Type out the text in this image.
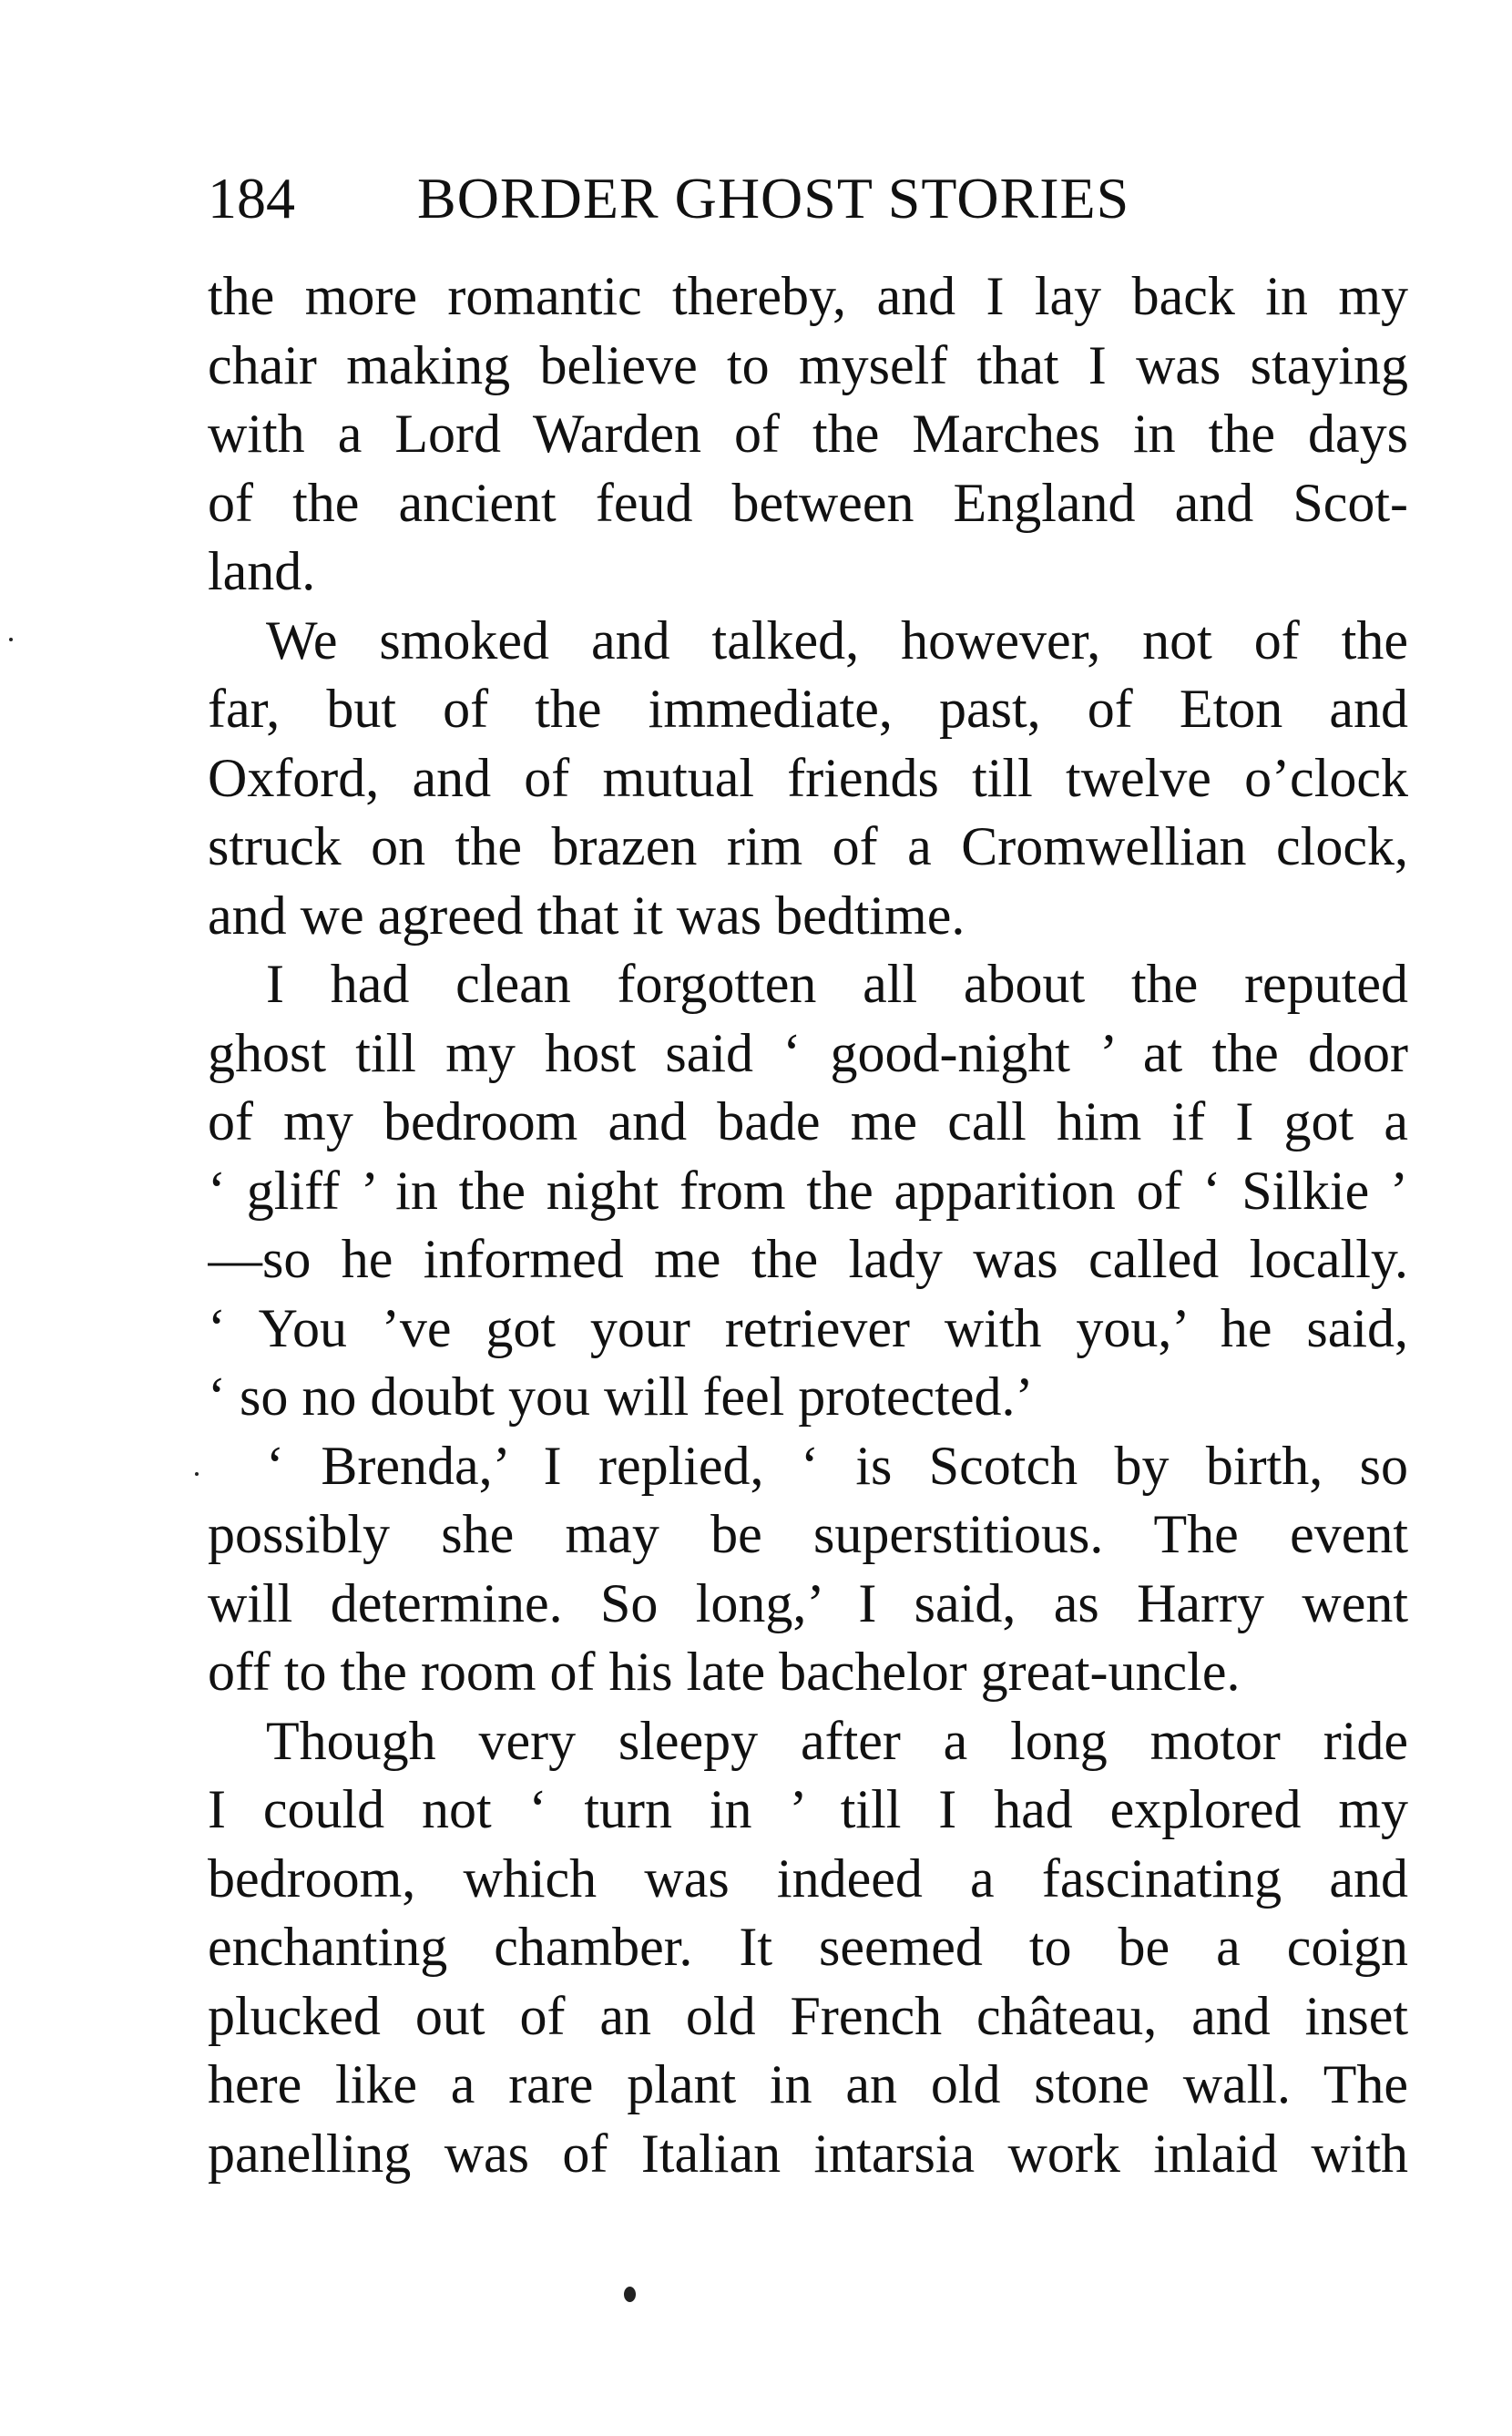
184 BORDER GHOST STORIES
the more romantic thereby, and I lay back in my
chair making believe to myself that I was staying
with a Lord Warden of the Marches in the days
of the ancient feud between England and Scot-
land.
We smoked and talked, however, not of the
far, but of the immediate, past, of Eton and
Oxford, and of mutual friends till twelve o’clock
struck on the brazen rim of a Cromwellian clock,
and we agreed that it was bedtime.
I had clean forgotten all about the reputed
ghost till my host said ‘ good-night ’ at the door
of my bedroom and bade me call him if I got a
‘ gliff ’ in the night from the apparition of ‘ Silkie ’
—so he informed me the lady was called locally.
‘ You ’ve got your retriever with you,’ he said,
‘ so no doubt you will feel protected.’
‘ Brenda,’ I replied, ‘ is Scotch by birth, so
possibly she may be superstitious. The event
will determine. So long,’ I said, as Harry went
off to the room of his late bachelor great-uncle.
Though very sleepy after a long motor ride
I could not ‘ turn in ’ till I had explored my
bedroom, which was indeed a fascinating and
enchanting chamber. It seemed to be a coign
plucked out of an old French château, and inset
here like a rare plant in an old stone wall. The
panelling was of Italian intarsia work inlaid with
